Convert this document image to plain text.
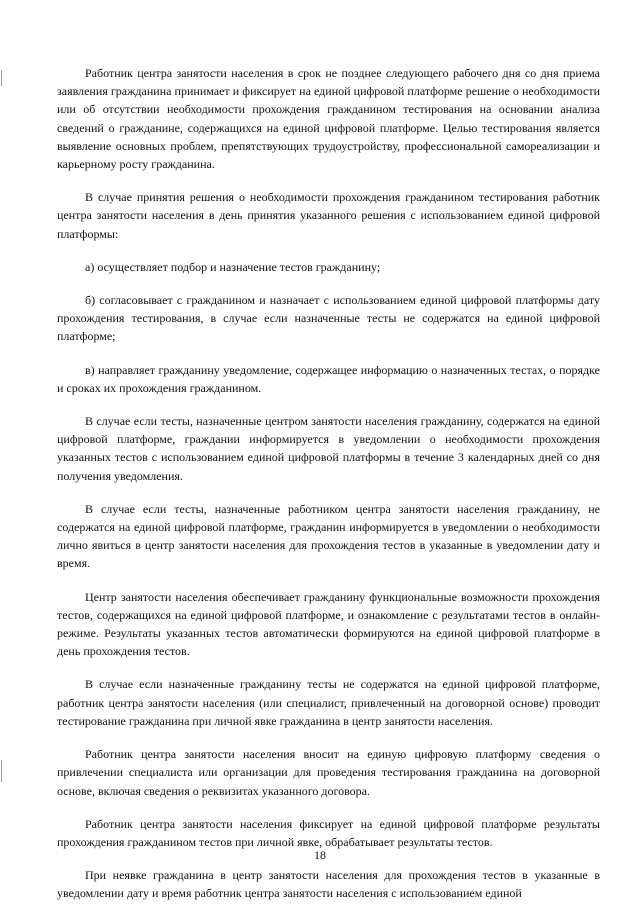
Работник центра занятости населения в срок не позднее следующего рабочего дня со дня приема заявления гражданина принимает и фиксирует на единой цифровой платформе решение о необходимости или об отсутствии необходимости прохождения гражданином тестирования на основании анализа сведений о гражданине, содержащихся на единой цифровой платформе. Целью тестирования является выявление основных проблем, препятствующих трудоустройству, профессиональной самореализации и карьерному росту гражданина.

В случае принятия решения о необходимости прохождения гражданином тестирования работник центра занятости населения в день принятия указанного решения с использованием единой цифровой платформы:

а) осуществляет подбор и назначение тестов гражданину;

б) согласовывает с гражданином и назначает с использованием единой цифровой платформы дату прохождения тестирования, в случае если назначенные тесты не содержатся на единой цифровой платформе;

в) направляет гражданину уведомление, содержащее информацию о назначенных тестах, о порядке и сроках их прохождения гражданином.

В случае если тесты, назначенные центром занятости населения гражданину, содержатся на единой цифровой платформе, граждании информируется в уведомлении о необходимости прохождения указанных тестов с использованием единой цифровой платформы в течение 3 календарных дней со дня получения уведомления.

В случае если тесты, назначенные работником центра занятости населения гражданину, не содержатся на единой цифровой платформе, гражданин информируется в уведомлении о необходимости лично явиться в центр занятости населения для прохождения тестов в указанные в уведомлении дату и время.

Центр занятости населения обеспечивает гражданину функциональные возможности прохождения тестов, содержащихся на единой цифровой платформе, и ознакомление с результатами тестов в онлайн-режиме. Результаты указанных тестов автоматически формируются на единой цифровой платформе в день прохождения тестов.

В случае если назначенные гражданину тесты не содержатся на единой цифровой платформе, работник центра занятости населения (или специалист, привлеченный на договорной основе) проводит тестирование гражданина при личной явке гражданина в центр занятости населения.

Работник центра занятости населения вносит на единую цифровую платформу сведения о привлечении специалиста или организации для проведения тестирования гражданина на договорной основе, включая сведения о реквизитах указанного договора.

Работник центра занятости населения фиксирует на единой цифровой платформе результаты прохождения гражданином тестов при личной явке, обрабатывает результаты тестов.

При неявке гражданина в центр занятости населения для прохождения тестов в указанные в уведомлении дату и время работник центра занятости населения с использованием единой

18
